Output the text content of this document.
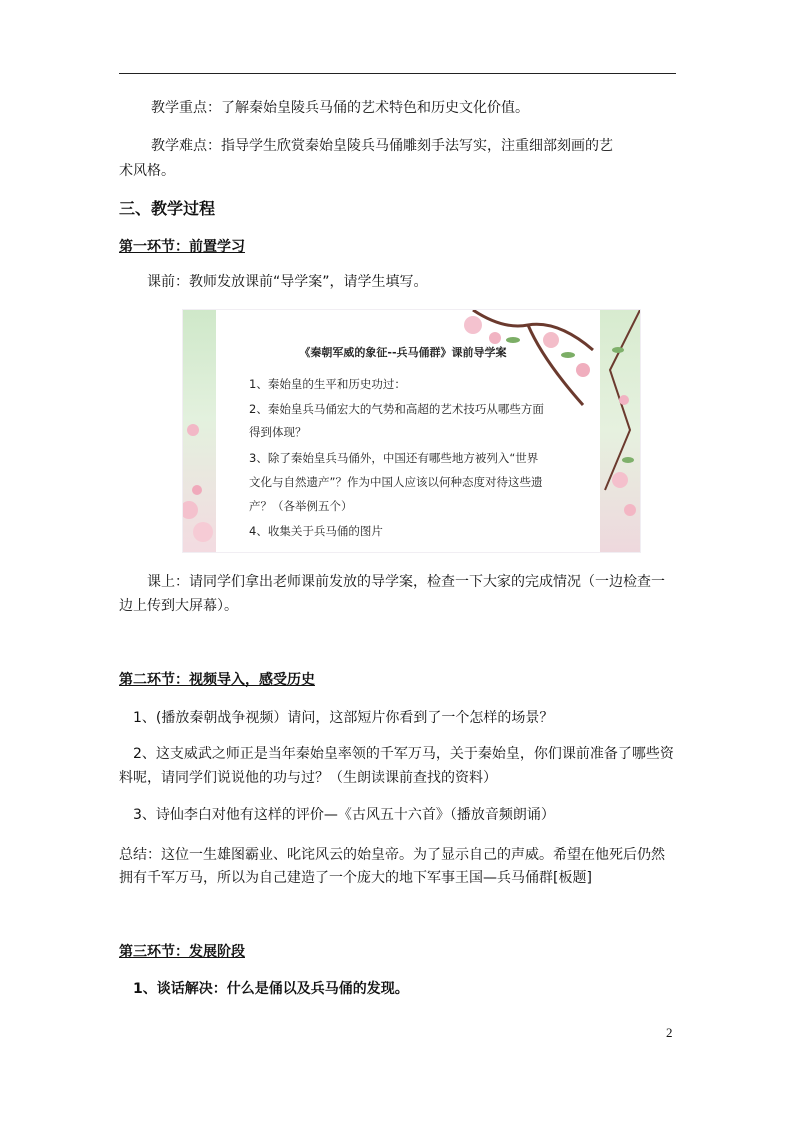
教学重点：了解秦始皇陵兵马俑的艺术特色和历史文化价值。
教学难点：指导学生欣赏秦始皇陵兵马俑雕刻手法写实，注重细部刻画的艺
术风格。
三、教学过程
第一环节：前置学习
课前：教师发放课前“导学案”，请学生填写。
《秦朝军威的象征--兵马俑群》课前导学案
1、秦始皇的生平和历史功过：
2、秦始皇兵马俑宏大的气势和高超的艺术技巧从哪些方面
得到体现？
3、除了秦始皇兵马俑外，中国还有哪些地方被列入“世界
文化与自然遗产”？作为中国人应该以何种态度对待这些遗
产？（各举例五个）
4、收集关于兵马俑的图片
课上：请同学们拿出老师课前发放的导学案，检查一下大家的完成情况（一边检查一
边上传到大屏幕）。
第二环节：视频导入，感受历史
1、(播放秦朝战争视频）请问，这部短片你看到了一个怎样的场景？
2、这支威武之师正是当年秦始皇率领的千军万马，关于秦始皇，你们课前准备了哪些资
料呢，请同学们说说他的功与过？（生朗读课前查找的资料）
3、诗仙李白对他有这样的评价—《古风五十六首》（播放音频朗诵）
总结：这位一生雄图霸业、叱诧风云的始皇帝。为了显示自己的声威。希望在他死后仍然
拥有千军万马，所以为自己建造了一个庞大的地下军事王国—兵马俑群[板题]
第三环节：发展阶段
1、谈话解决：什么是俑以及兵马俑的发现。
2
